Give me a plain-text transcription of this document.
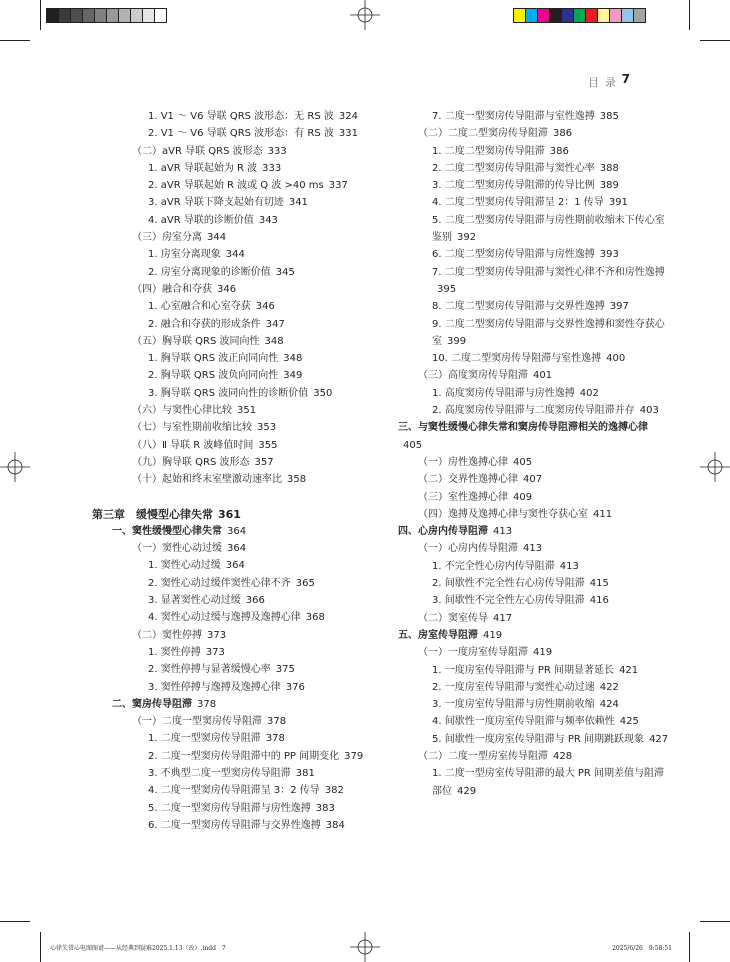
目录 7
1. V1 ～ V6 导联 QRS 波形态：无 RS 波 324
2. V1 ～ V6 导联 QRS 波形态：有 RS 波 331
（二）aVR 导联 QRS 波形态 333
1. aVR 导联起始为 R 波 333
2. aVR 导联起始 R 波或 Q 波 >40 ms 337
3. aVR 导联下降支起始有切迹 341
4. aVR 导联的诊断价值 343
（三）房室分离 344
1. 房室分离现象 344
2. 房室分离现象的诊断价值 345
（四）融合和夺获 346
1. 心室融合和心室夺获 346
2. 融合和夺获的形成条件 347
（五）胸导联 QRS 波同向性 348
1. 胸导联 QRS 波正向同向性 348
2. 胸导联 QRS 波负向同向性 349
3. 胸导联 QRS 波同向性的诊断价值 350
（六）与窦性心律比较 351
（七）与室性期前收缩比较 353
（八）Ⅱ 导联 R 波峰值时间 355
（九）胸导联 QRS 波形态 357
（十）起始和终末室壁激动速率比 358
第三章　缓慢型心律失常 361
一、窦性缓慢型心律失常 364
（一）窦性心动过缓 364
1. 窦性心动过缓 364
2. 窦性心动过缓伴窦性心律不齐 365
3. 显著窦性心动过缓 366
4. 窦性心动过缓与逸搏及逸搏心律 368
（二）窦性停搏 373
1. 窦性停搏 373
2. 窦性停搏与显著缓慢心率 375
3. 窦性停搏与逸搏及逸搏心律 376
二、窦房传导阻滞 378
（一）二度一型窦房传导阻滞 378
1. 二度一型窦房传导阻滞 378
2. 二度一型窦房传导阻滞中的 PP 间期变化 379
3. 不典型二度一型窦房传导阻滞 381
4. 二度一型窦房传导阻滞呈 3：2 传导 382
5. 二度一型窦房传导阻滞与房性逸搏 383
6. 二度一型窦房传导阻滞与交界性逸搏 384
7. 二度一型窦房传导阻滞与室性逸搏 385
（二）二度二型窦房传导阻滞 386
1. 二度二型窦房传导阻滞 386
2. 二度二型窦房传导阻滞与窦性心率 388
3. 二度二型窦房传导阻滞的传导比例 389
4. 二度二型窦房传导阻滞呈 2：1 传导 391
5. 二度二型窦房传导阻滞与房性期前收缩未下传心室鉴别 392
6. 二度二型窦房传导阻滞与房性逸搏 393
7. 二度二型窦房传导阻滞与窦性心律不齐和房性逸搏395
8. 二度二型窦房传导阻滞与交界性逸搏 397
9. 二度二型窦房传导阻滞与交界性逸搏和窦性夺获心室 399
10. 二度二型窦房传导阻滞与室性逸搏 400
（三）高度窦房传导阻滞 401
1. 高度窦房传导阻滞与房性逸搏 402
2. 高度窦房传导阻滞与二度窦房传导阻滞并存 403
三、与窦性缓慢心律失常和窦房传导阻滞相关的逸搏心律405
（一）房性逸搏心律 405
（二）交界性逸搏心律 407
（三）室性逸搏心律 409
（四）逸搏及逸搏心律与窦性夺获心室 411
四、心房内传导阻滞 413
（一）心房内传导阻滞 413
1. 不完全性心房内传导阻滞 413
2. 间歇性不完全性右心房传导阻滞 415
3. 间歇性不完全性左心房传导阻滞 416
（二）窦室传导 417
五、房室传导阻滞 419
（一）一度房室传导阻滞 419
1. 一度房室传导阻滞与 PR 间期显著延长 421
2. 一度房室传导阻滞与窦性心动过速 422
3. 一度房室传导阻滞与房性期前收缩 424
4. 间歇性一度房室传导阻滞与频率依赖性 425
5. 间歇性一度房室传导阻滞与 PR 间期跳跃现象 427
（二）二度一型房室传导阻滞 428
1. 二度一型房室传导阻滞的最大 PR 间期差值与阻滞部位 429
心律失常心电图图谱——从经典到疑难2025.1.13（改）.indd　7	2025/6/26　9:58:51
